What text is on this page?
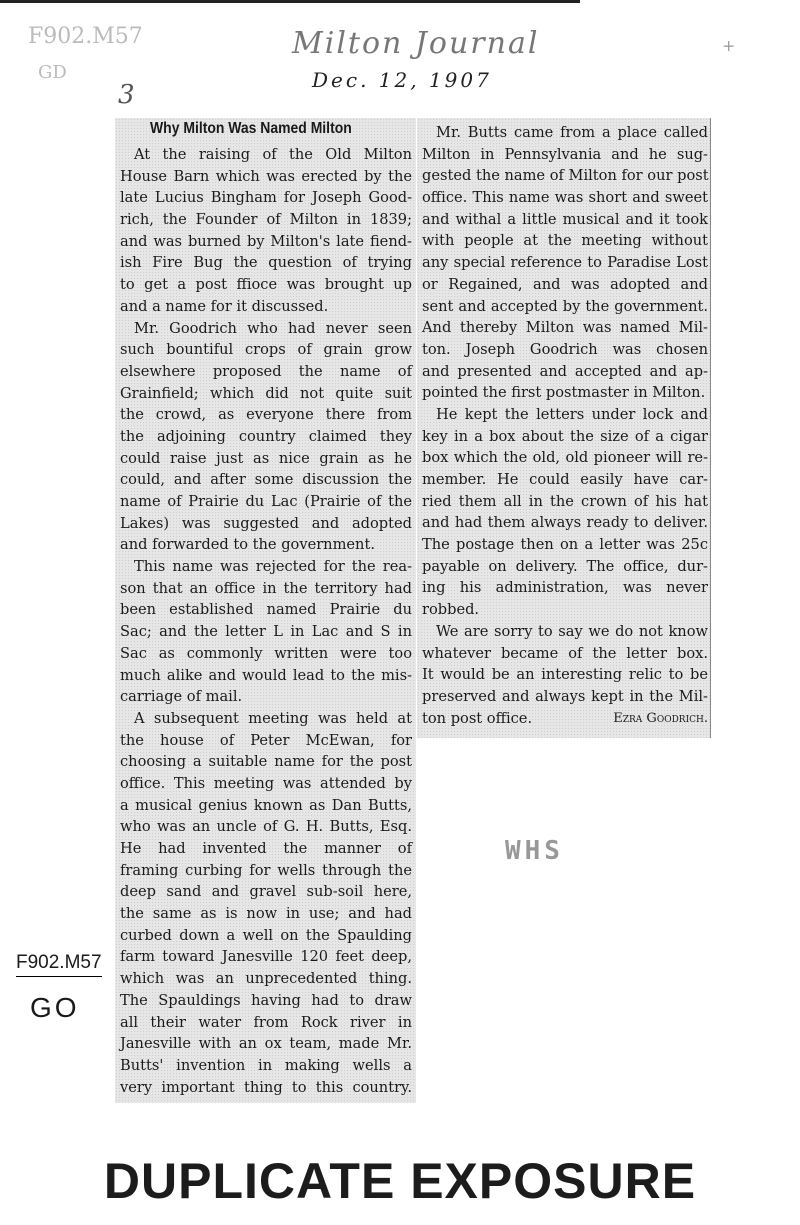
F902.M57
GD
3
Milton Journal
Dec. 12, 1907
+
Why Milton Was Named Milton
At the raising of the Old Milton
House Barn which was erected by the
late Lucius Bingham for Joseph Good-
rich, the Founder of Milton in 1839;
and was burned by Milton's late fiend-
ish Fire Bug the question of trying
to get a post ffioce was brought up
and a name for it discussed.
Mr. Goodrich who had never seen
such bountiful crops of grain grow
elsewhere proposed the name of
Grainfield; which did not quite suit
the crowd, as everyone there from
the adjoining country claimed they
could raise just as nice grain as he
could, and after some discussion the
name of Prairie du Lac (Prairie of the
Lakes) was suggested and adopted
and forwarded to the government.
This name was rejected for the rea-
son that an office in the territory had
been established named Prairie du
Sac; and the letter L in Lac and S in
Sac as commonly written were too
much alike and would lead to the mis-
carriage of mail.
A subsequent meeting was held at
the house of Peter McEwan, for
choosing a suitable name for the post
office. This meeting was attended by
a musical genius known as Dan Butts,
who was an uncle of G. H. Butts, Esq.
He had invented the manner of
framing curbing for wells through the
deep sand and gravel sub-soil here,
the same as is now in use; and had
curbed down a well on the Spaulding
farm toward Janesville 120 feet deep,
which was an unprecedented thing.
The Spauldings having had to draw
all their water from Rock river in
Janesville with an ox team, made Mr.
Butts' invention in making wells a
very important thing to this country.
Mr. Butts came from a place called
Milton in Pennsylvania and he sug-
gested the name of Milton for our post
office. This name was short and sweet
and withal a little musical and it took
with people at the meeting without
any special reference to Paradise Lost
or Regained, and was adopted and
sent and accepted by the government.
And thereby Milton was named Mil-
ton. Joseph Goodrich was chosen
and presented and accepted and ap-
pointed the first postmaster in Milton.
He kept the letters under lock and
key in a box about the size of a cigar
box which the old, old pioneer will re-
member. He could easily have car-
ried them all in the crown of his hat
and had them always ready to deliver.
The postage then on a letter was 25c
payable on delivery. The office, dur-
ing his administration, was never
robbed.
We are sorry to say we do not know
whatever became of the letter box.
It would be an interesting relic to be
preserved and always kept in the Mil-
ton post office.	Ezra Goodrich.
WHS
F902.M57
GO
DUPLICATE EXPOSURE
